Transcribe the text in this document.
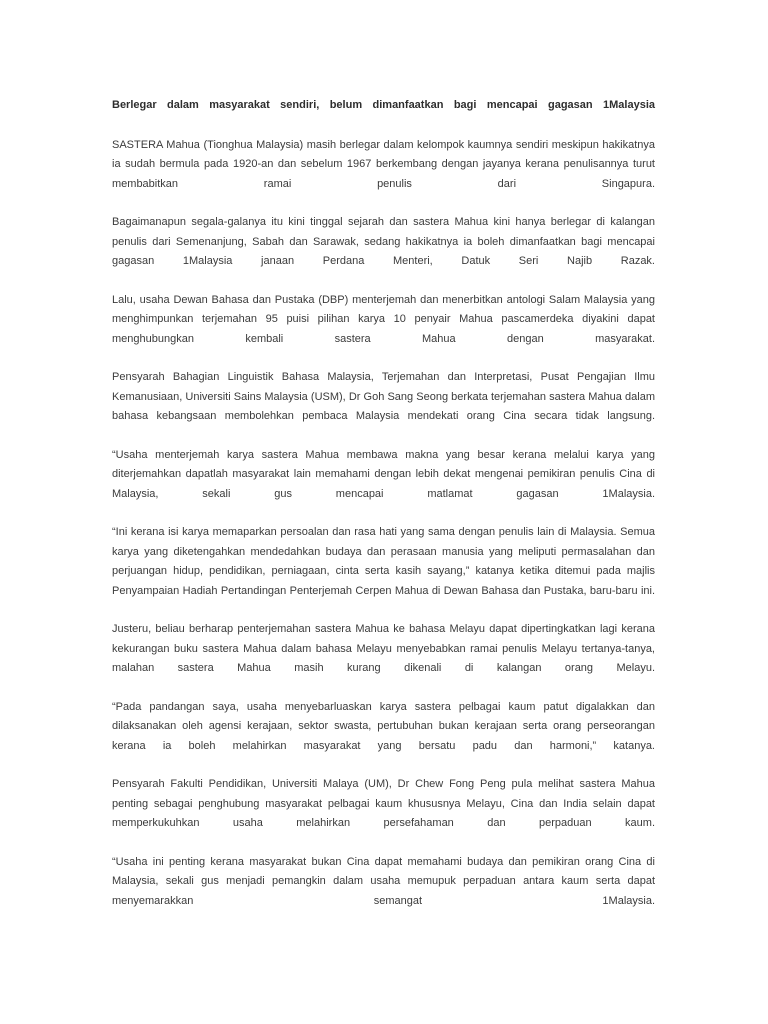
Berlegar dalam masyarakat sendiri, belum dimanfaatkan bagi mencapai gagasan 1Malaysia

SASTERA Mahua (Tionghua Malaysia) masih berlegar dalam kelompok kaumnya sendiri meskipun hakikatnya ia sudah bermula pada 1920-an dan sebelum 1967 berkembang dengan jayanya kerana penulisannya turut membabitkan ramai penulis dari Singapura.

Bagaimanapun segala-galanya itu kini tinggal sejarah dan sastera Mahua kini hanya berlegar di kalangan penulis dari Semenanjung, Sabah dan Sarawak, sedang hakikatnya ia boleh dimanfaatkan bagi mencapai gagasan 1Malaysia janaan Perdana Menteri, Datuk Seri Najib Razak.

Lalu, usaha Dewan Bahasa dan Pustaka (DBP) menterjemah dan menerbitkan antologi Salam Malaysia yang menghimpunkan terjemahan 95 puisi pilihan karya 10 penyair Mahua pascamerdeka diyakini dapat menghubungkan kembali sastera Mahua dengan masyarakat.

Pensyarah Bahagian Linguistik Bahasa Malaysia, Terjemahan dan Interpretasi, Pusat Pengajian Ilmu Kemanusiaan, Universiti Sains Malaysia (USM), Dr Goh Sang Seong berkata terjemahan sastera Mahua dalam bahasa kebangsaan membolehkan pembaca Malaysia mendekati orang Cina secara tidak langsung.

“Usaha menterjemah karya sastera Mahua membawa makna yang besar kerana melalui karya yang diterjemahkan dapatlah masyarakat lain memahami dengan lebih dekat mengenai pemikiran penulis Cina di Malaysia, sekali gus mencapai matlamat gagasan 1Malaysia.

“Ini kerana isi karya memaparkan persoalan dan rasa hati yang sama dengan penulis lain di Malaysia. Semua karya yang diketengahkan mendedahkan budaya dan perasaan manusia yang meliputi permasalahan dan perjuangan hidup, pendidikan, perniagaan, cinta serta kasih sayang,” katanya ketika ditemui pada majlis Penyampaian Hadiah Pertandingan Penterjemah Cerpen Mahua di Dewan Bahasa dan Pustaka, baru-baru ini.

Justeru, beliau berharap penterjemahan sastera Mahua ke bahasa Melayu dapat dipertingkatkan lagi kerana kekurangan buku sastera Mahua dalam bahasa Melayu menyebabkan ramai penulis Melayu tertanya-tanya, malahan sastera Mahua masih kurang dikenali di kalangan orang Melayu.

“Pada pandangan saya, usaha menyebarluaskan karya sastera pelbagai kaum patut digalakkan dan dilaksanakan oleh agensi kerajaan, sektor swasta, pertubuhan bukan kerajaan serta orang perseorangan kerana ia boleh melahirkan masyarakat yang bersatu padu dan harmoni,” katanya.

Pensyarah Fakulti Pendidikan, Universiti Malaya (UM), Dr Chew Fong Peng pula melihat sastera Mahua penting sebagai penghubung masyarakat pelbagai kaum khususnya Melayu, Cina dan India selain dapat memperkukuhkan usaha melahirkan persefahaman dan perpaduan kaum.

“Usaha ini penting kerana masyarakat bukan Cina dapat memahami budaya dan pemikiran orang Cina di Malaysia, sekali gus menjadi pemangkin dalam usaha memupuk perpaduan antara kaum serta dapat menyemarakkan semangat 1Malaysia.
